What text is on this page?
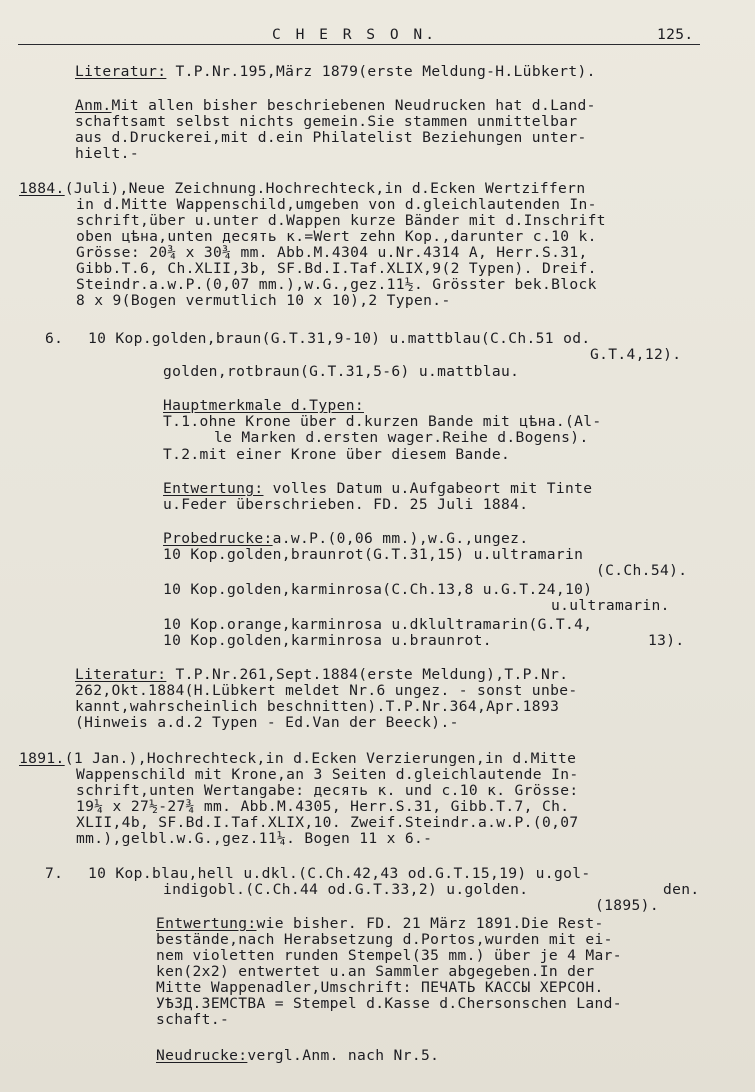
C H E R S O N.	125.
Literatur: T.P.Nr.195,März 1879(erste Meldung-H.Lübkert).
Anm.Mit allen bisher beschriebenen Neudrucken hat d.Land-
schaftsamt selbst nichts gemein.Sie stammen unmittelbar
aus d.Druckerei,mit d.ein Philatelist Beziehungen unter-
hielt.-
1884.(Juli),Neue Zeichnung.Hochrechteck,in d.Ecken Wertziffern
in d.Mitte Wappenschild,umgeben von d.gleichlautenden In-
schrift,über u.unter d.Wappen kurze Bänder mit d.Inschrift
oben цѣна,unten десять к.=Wert zehn Kop.,darunter c.10 k.
Grösse: 20¾ x 30¾ mm. Abb.M.4304 u.Nr.4314 A, Herr.S.31,
Gibb.T.6, Ch.XLII,3b, SF.Bd.I.Taf.XLIX,9(2 Typen). Dreif.
Steindr.a.w.P.(0,07 mm.),w.G.,gez.11½. Grösster bek.Block
8 x 9(Bogen vermutlich 10 x 10),2 Typen.-
6. 10 Kop.golden,braun(G.T.31,9-10) u.mattblau(C.Ch.51 od.
G.T.4,12).
golden,rotbraun(G.T.31,5-6) u.mattblau.
Hauptmerkmale d.Typen:
T.1.ohne Krone über d.kurzen Bande mit цѣна.(Al-
le Marken d.ersten wager.Reihe d.Bogens).
T.2.mit einer Krone über diesem Bande.
Entwertung: volles Datum u.Aufgabeort mit Tinte
u.Feder überschrieben. FD. 25 Juli 1884.
Probedrucke:a.w.P.(0,06 mm.),w.G.,ungez.
10 Kop.golden,braunrot(G.T.31,15) u.ultramarin
(C.Ch.54).
10 Kop.golden,karminrosa(C.Ch.13,8 u.G.T.24,10)
u.ultramarin.
10 Kop.orange,karminrosa u.dklultramarin(G.T.4,
10 Kop.golden,karminrosa u.braunrot.	13).
Literatur: T.P.Nr.261,Sept.1884(erste Meldung),T.P.Nr.
262,Okt.1884(H.Lübkert meldet Nr.6 ungez. - sonst unbe-
kannt,wahrscheinlich beschnitten).T.P.Nr.364,Apr.1893
(Hinweis a.d.2 Typen - Ed.Van der Beeck).-
1891.(1 Jan.),Hochrechteck,in d.Ecken Verzierungen,in d.Mitte
Wappenschild mit Krone,an 3 Seiten d.gleichlautende In-
schrift,unten Wertangabe: десять к. und с.10 к. Grösse:
19¼ x 27½-27¾ mm. Abb.M.4305, Herr.S.31, Gibb.T.7, Ch.
XLII,4b, SF.Bd.I.Taf.XLIX,10. Zweif.Steindr.a.w.P.(0,07
mm.),gelbl.w.G.,gez.11¼. Bogen 11 x 6.-
7. 10 Kop.blau,hell u.dkl.(C.Ch.42,43 od.G.T.15,19) u.gol-
indigobl.(C.Ch.44 od.G.T.33,2) u.golden.	den.
(1895).
Entwertung:wie bisher. FD. 21 März 1891.Die Rest-
bestände,nach Herabsetzung d.Portos,wurden mit ei-
nem violetten runden Stempel(35 mm.) über je 4 Mar-
ken(2x2) entwertet u.an Sammler abgegeben.In der
Mitte Wappenadler,Umschrift: ПЕЧАТЬ КАССЫ ХЕРСОН.
УѢЗД.ЗЕМСТВА = Stempel d.Kasse d.Chersonschen Land-
schaft.-
Neudrucke:vergl.Anm. nach Nr.5.
